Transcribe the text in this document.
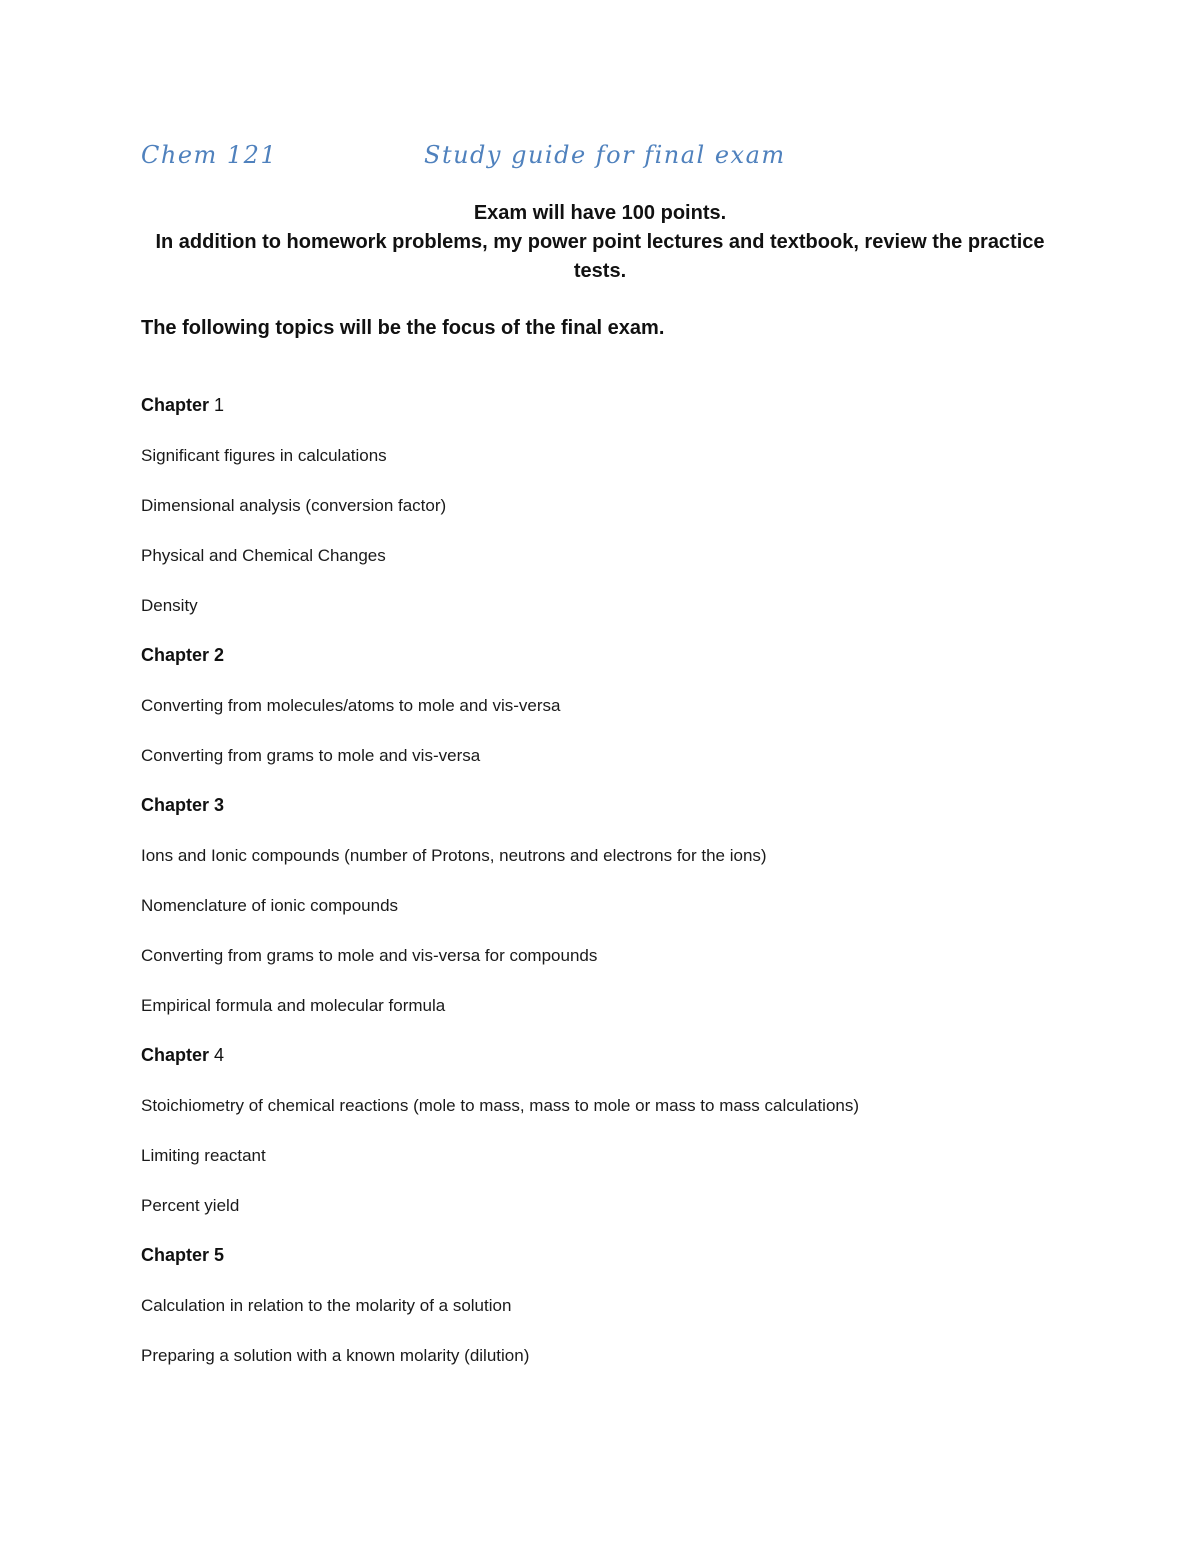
Chem 121	Study guide for final exam

Exam will have 100 points.

In addition to homework problems, my power point lectures and textbook, review the practice tests.

The following topics will be the focus of the final exam.

Chapter 1
Significant figures in calculations
Dimensional analysis (conversion factor)
Physical and Chemical Changes
Density
Chapter 2
Converting from molecules/atoms to mole and vis-versa
Converting from grams to mole and vis-versa
Chapter 3
Ions and Ionic compounds (number of Protons, neutrons and electrons for the ions)
Nomenclature of ionic compounds
Converting from grams to mole and vis-versa for compounds
Empirical formula and molecular formula
Chapter 4
Stoichiometry of chemical reactions (mole to mass, mass to mole or mass to mass calculations)
Limiting reactant
Percent yield
Chapter 5
Calculation in relation to the molarity of a solution
Preparing a solution with a known molarity (dilution)
